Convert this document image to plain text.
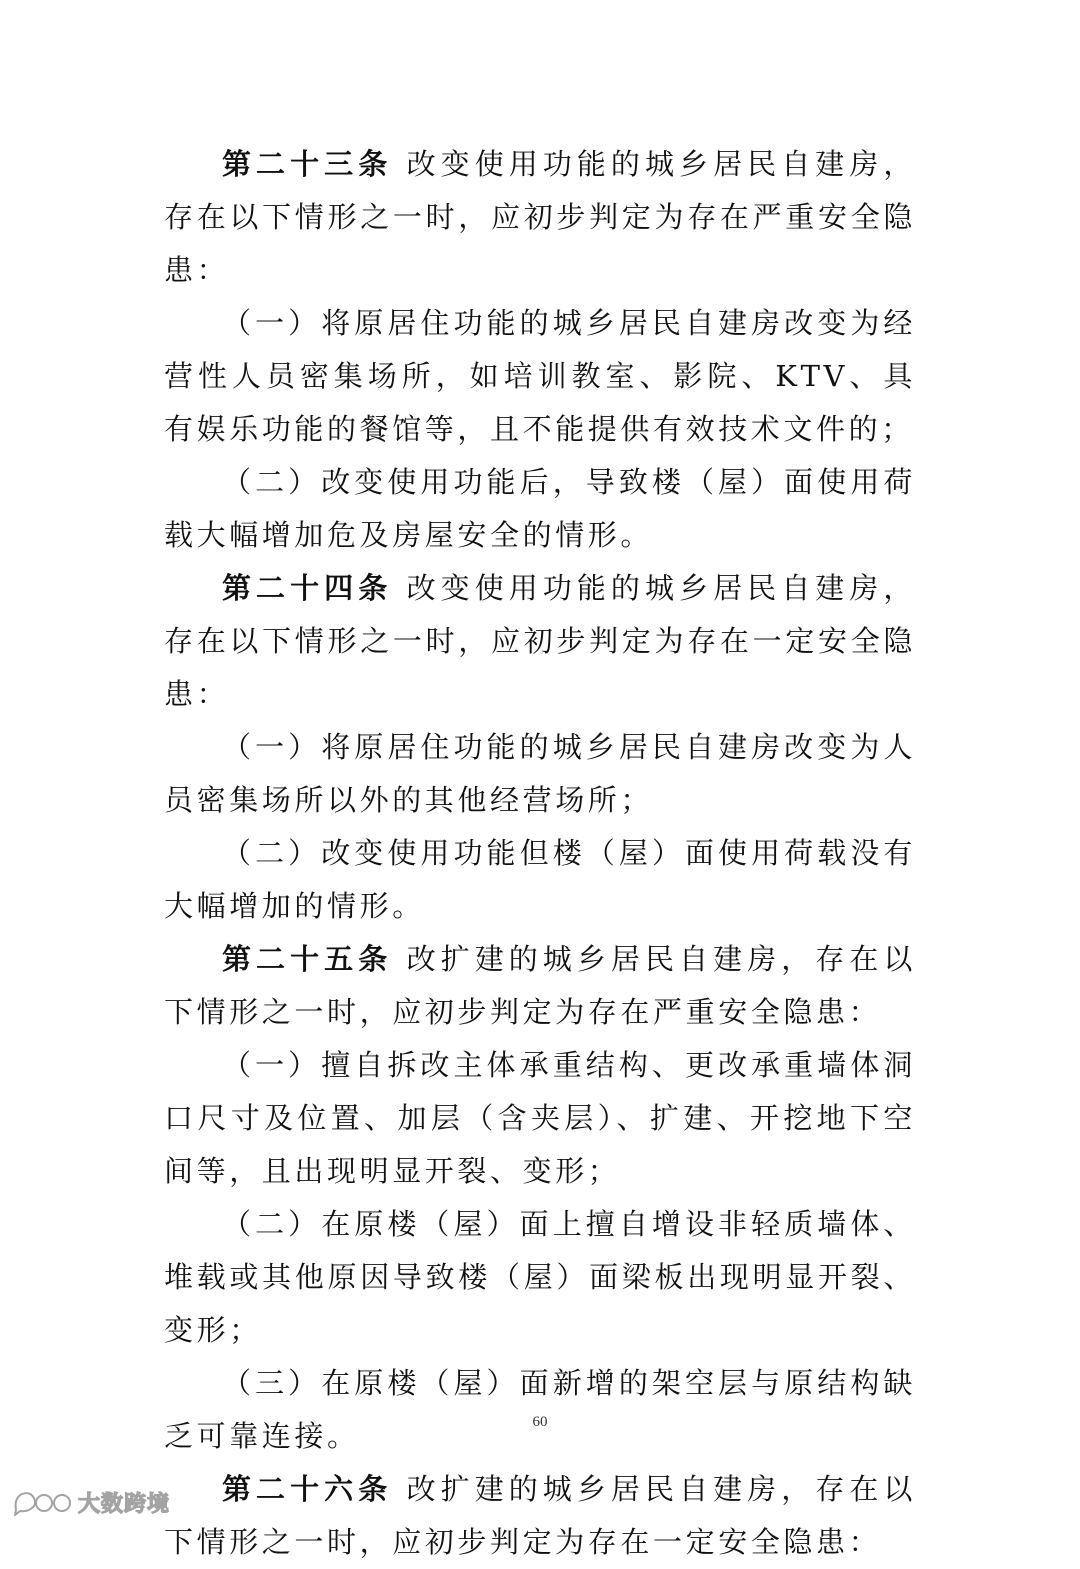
第二十三条 改变使用功能的城乡居民自建房，存在以下情形之一时，应初步判定为存在严重安全隐患：

（一）将原居住功能的城乡居民自建房改变为经营性人员密集场所，如培训教室、影院、KTV、具有娱乐功能的餐馆等，且不能提供有效技术文件的；

（二）改变使用功能后，导致楼（屋）面使用荷载大幅增加危及房屋安全的情形。

第二十四条 改变使用功能的城乡居民自建房，存在以下情形之一时，应初步判定为存在一定安全隐患：

（一）将原居住功能的城乡居民自建房改变为人员密集场所以外的其他经营场所；

（二）改变使用功能但楼（屋）面使用荷载没有大幅增加的情形。

第二十五条 改扩建的城乡居民自建房，存在以下情形之一时，应初步判定为存在严重安全隐患：

（一）擅自拆改主体承重结构、更改承重墙体洞口尺寸及位置、加层（含夹层）、扩建、开挖地下空间等，且出现明显开裂、变形；

（二）在原楼（屋）面上擅自增设非轻质墙体、堆载或其他原因导致楼（屋）面梁板出现明显开裂、变形；

（三）在原楼（屋）面新增的架空层与原结构缺乏可靠连接。

第二十六条 改扩建的城乡居民自建房，存在以下情形之一时，应初步判定为存在一定安全隐患：

60
大数跨境
